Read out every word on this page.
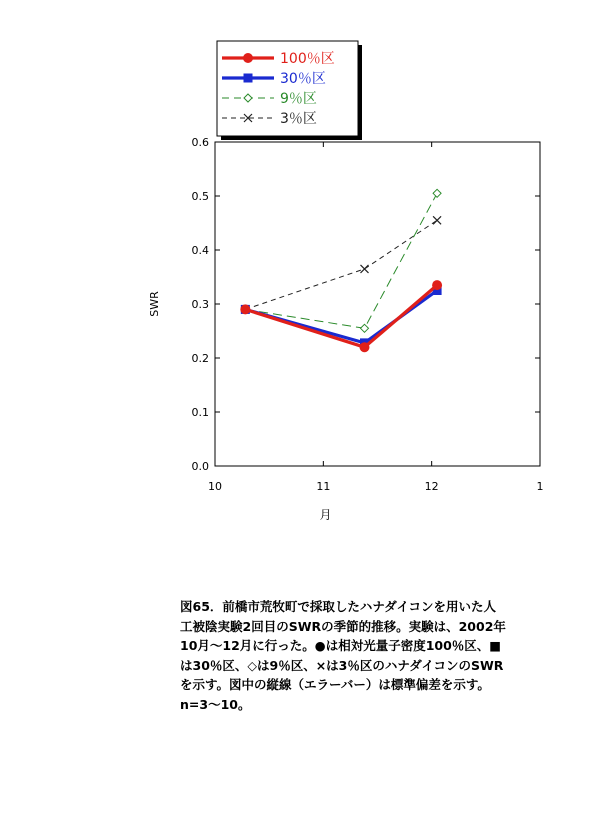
100％区
30％区
9％区
3％区
0.0
0.1
0.2
0.3
0.4
0.5
0.6
10	11	12	1
SWR
月
図65．前橋市荒牧町で採取したハナダイコンを用いた人
工被陰実験2回目のSWRの季節的推移。実験は、2002年
10月～12月に行った。●は相対光量子密度100％区、■
は30％区、◇は9％区、×は3％区のハナダイコンのSWR
を示す。図中の縦線（エラーバー）は標準偏差を示す。
n=3～10。
